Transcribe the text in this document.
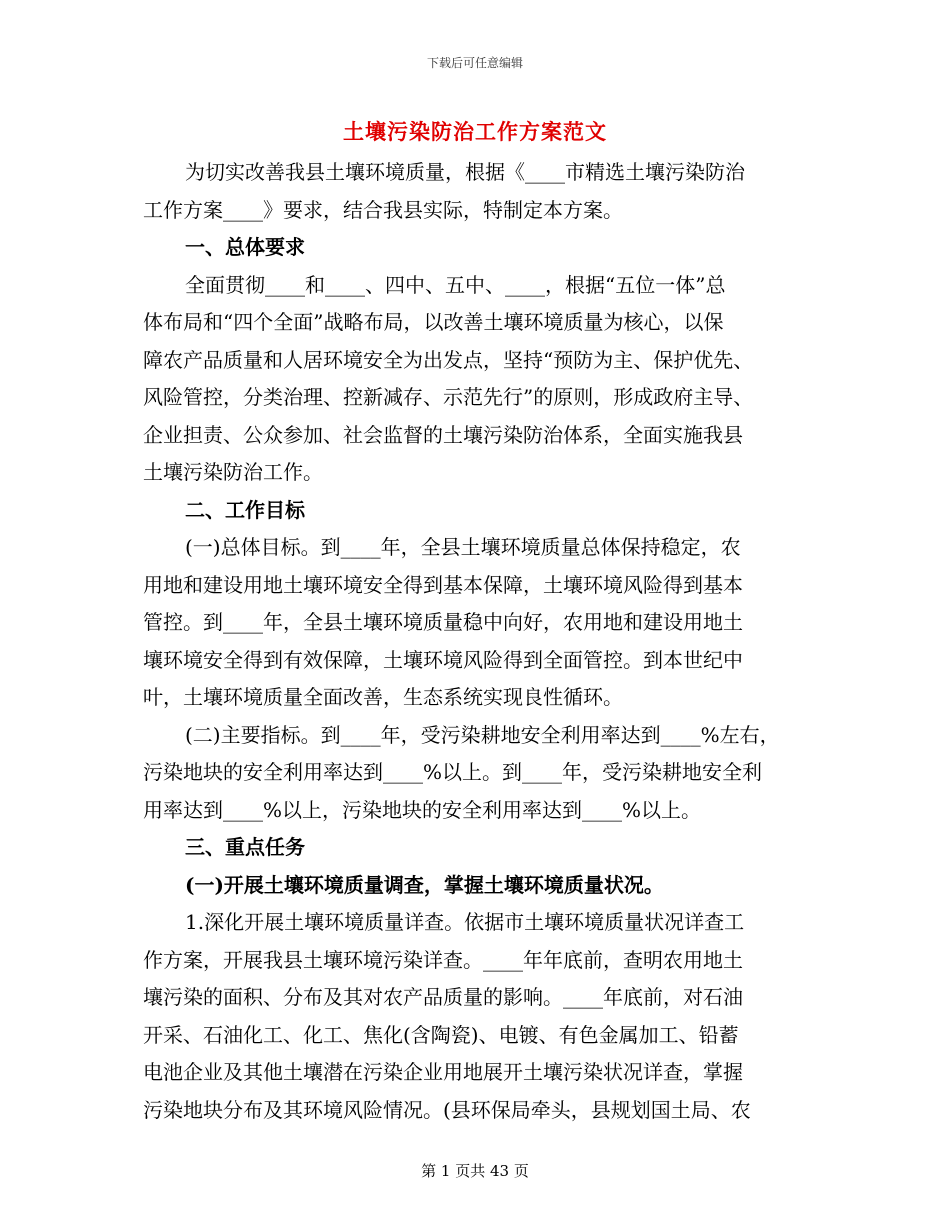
下载后可任意编辑
土壤污染防治工作方案范文
为切实改善我县土壤环境质量，根据《____市精选土壤污染防治
工作方案____》要求，结合我县实际，特制定本方案。
一、总体要求
全面贯彻____和____、四中、五中、____，根据“五位一体”总
体布局和“四个全面”战略布局，以改善土壤环境质量为核心，以保
障农产品质量和人居环境安全为出发点，坚持“预防为主、保护优先、
风险管控，分类治理、控新减存、示范先行”的原则，形成政府主导、
企业担责、公众参加、社会监督的土壤污染防治体系，全面实施我县
土壤污染防治工作。
二、工作目标
(一)总体目标。到____年，全县土壤环境质量总体保持稳定，农
用地和建设用地土壤环境安全得到基本保障，土壤环境风险得到基本
管控。到____年，全县土壤环境质量稳中向好，农用地和建设用地土
壤环境安全得到有效保障，土壤环境风险得到全面管控。到本世纪中
叶，土壤环境质量全面改善，生态系统实现良性循环。
(二)主要指标。到____年，受污染耕地安全利用率达到____%左右，
污染地块的安全利用率达到____%以上。到____年，受污染耕地安全利
用率达到____%以上，污染地块的安全利用率达到____%以上。
三、重点任务
(一)开展土壤环境质量调查，掌握土壤环境质量状况。
1.深化开展土壤环境质量详查。依据市土壤环境质量状况详查工
作方案，开展我县土壤环境污染详查。____年年底前，查明农用地土
壤污染的面积、分布及其对农产品质量的影响。____年底前，对石油
开采、石油化工、化工、焦化(含陶瓷)、电镀、有色金属加工、铅蓄
电池企业及其他土壤潜在污染企业用地展开土壤污染状况详查，掌握
污染地块分布及其环境风险情况。(县环保局牵头，县规划国土局、农
第 1 页共 43 页
